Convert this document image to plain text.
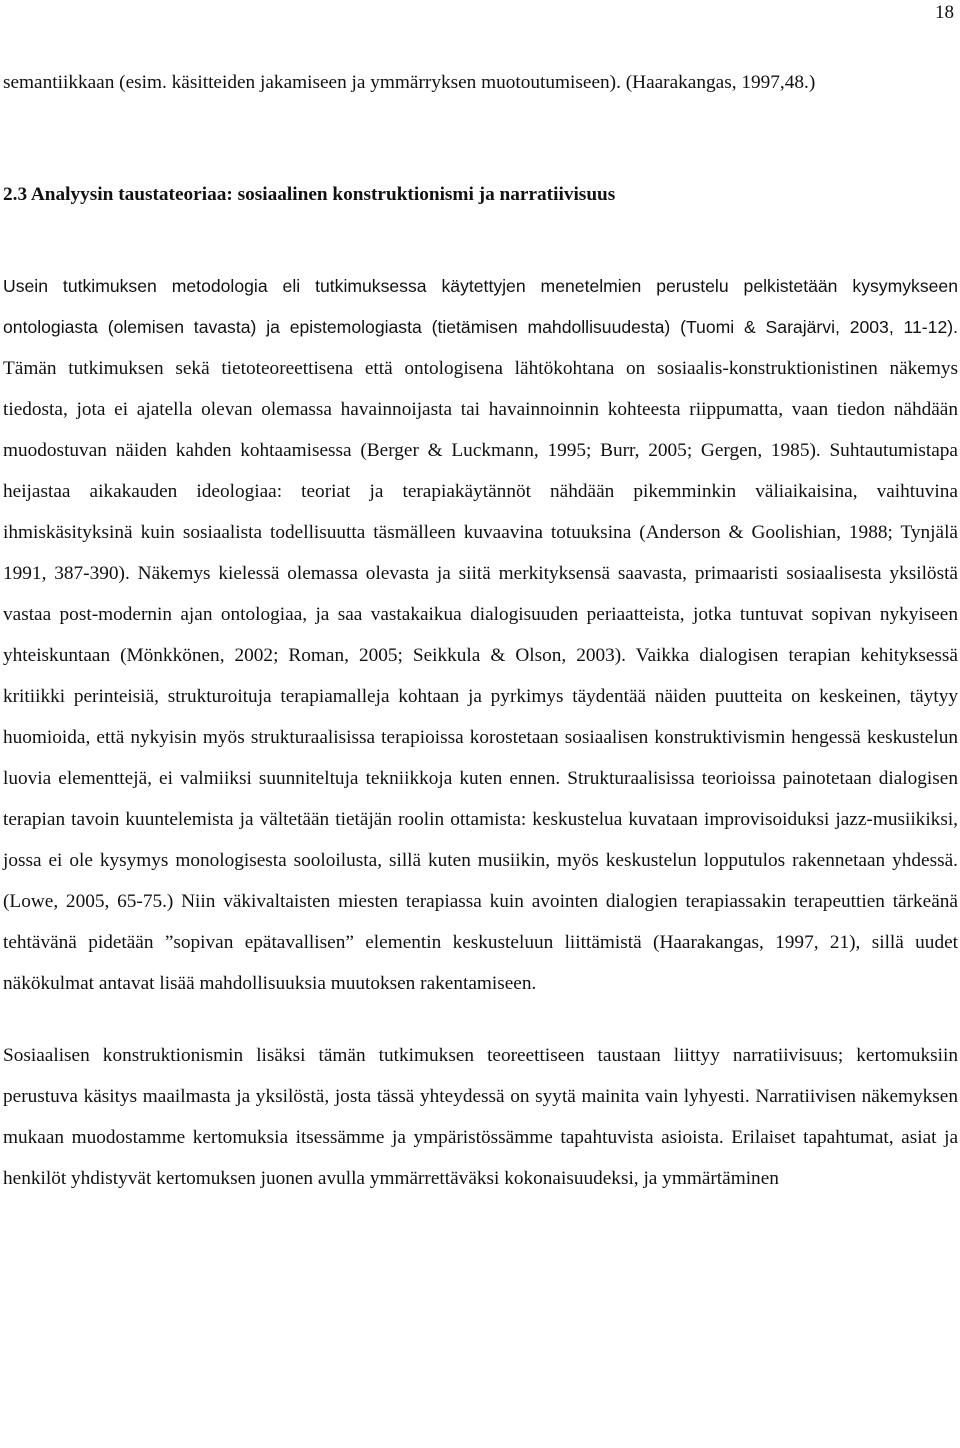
18

semantiikkaan (esim. käsitteiden jakamiseen ja ymmärryksen muotoutumiseen). (Haarakangas, 1997,48.)

2.3 Analyysin taustateoriaa: sosiaalinen konstruktionismi ja narratiivisuus

Usein tutkimuksen metodologia eli tutkimuksessa käytettyjen menetelmien perustelu pelkistetään kysymykseen ontologiasta (olemisen tavasta) ja epistemologiasta (tietämisen mahdollisuudesta) (Tuomi & Sarajärvi, 2003, 11-12). Tämän tutkimuksen sekä tietoteoreettisena että ontologisena lähtökohtana on sosiaalis-konstruktionistinen näkemys tiedosta, jota ei ajatella olevan olemassa havainnoijasta tai havainnoinnin kohteesta riippumatta, vaan tiedon nähdään muodostuvan näiden kahden kohtaamisessa (Berger & Luckmann, 1995; Burr, 2005; Gergen, 1985). Suhtautumistapa heijastaa aikakauden ideologiaa: teoriat ja terapiakäytännöt nähdään pikemminkin väliaikaisina, vaihtuvina ihmiskäsityksinä kuin sosiaalista todellisuutta täsmälleen kuvaavina totuuksina (Anderson & Goolishian, 1988; Tynjälä 1991, 387-390). Näkemys kielessä olemassa olevasta ja siitä merkityksensä saavasta, primaaristi sosiaalisesta yksilöstä vastaa post-modernin ajan ontologiaa, ja saa vastakaikua dialogisuuden periaatteista, jotka tuntuvat sopivan nykyiseen yhteiskuntaan (Mönkkönen, 2002; Roman, 2005; Seikkula & Olson, 2003). Vaikka dialogisen terapian kehityksessä kritiikki perinteisiä, strukturoituja terapiamalleja kohtaan ja pyrkimys täydentää näiden puutteita on keskeinen, täytyy huomioida, että nykyisin myös strukturaalisissa terapioissa korostetaan sosiaalisen konstruktivismin hengessä keskustelun luovia elementtejä, ei valmiiksi suunniteltuja tekniikkoja kuten ennen. Strukturaalisissa teorioissa painotetaan dialogisen terapian tavoin kuuntelemista ja vältetään tietäjän roolin ottamista: keskustelua kuvataan improvisoiduksi jazz-musiikiksi, jossa ei ole kysymys monologisesta sooloilusta, sillä kuten musiikin, myös keskustelun lopputulos rakennetaan yhdessä. (Lowe, 2005, 65-75.) Niin väkivaltaisten miesten terapiassa kuin avointen dialogien terapiassakin terapeuttien tärkeänä tehtävänä pidetään ”sopivan epätavallisen” elementin keskusteluun liittämistä (Haarakangas, 1997, 21), sillä uudet näkökulmat antavat lisää mahdollisuuksia muutoksen rakentamiseen.

Sosiaalisen konstruktionismin lisäksi tämän tutkimuksen teoreettiseen taustaan liittyy narratiivisuus; kertomuksiin perustuva käsitys maailmasta ja yksilöstä, josta tässä yhteydessä on syytä mainita vain lyhyesti. Narratiivisen näkemyksen mukaan muodostamme kertomuksia itsessämme ja ympäristössämme tapahtuvista asioista. Erilaiset tapahtumat, asiat ja henkilöt yhdistyvät kertomuksen juonen avulla ymmärrettäväksi kokonaisuudeksi, ja ymmärtäminen
